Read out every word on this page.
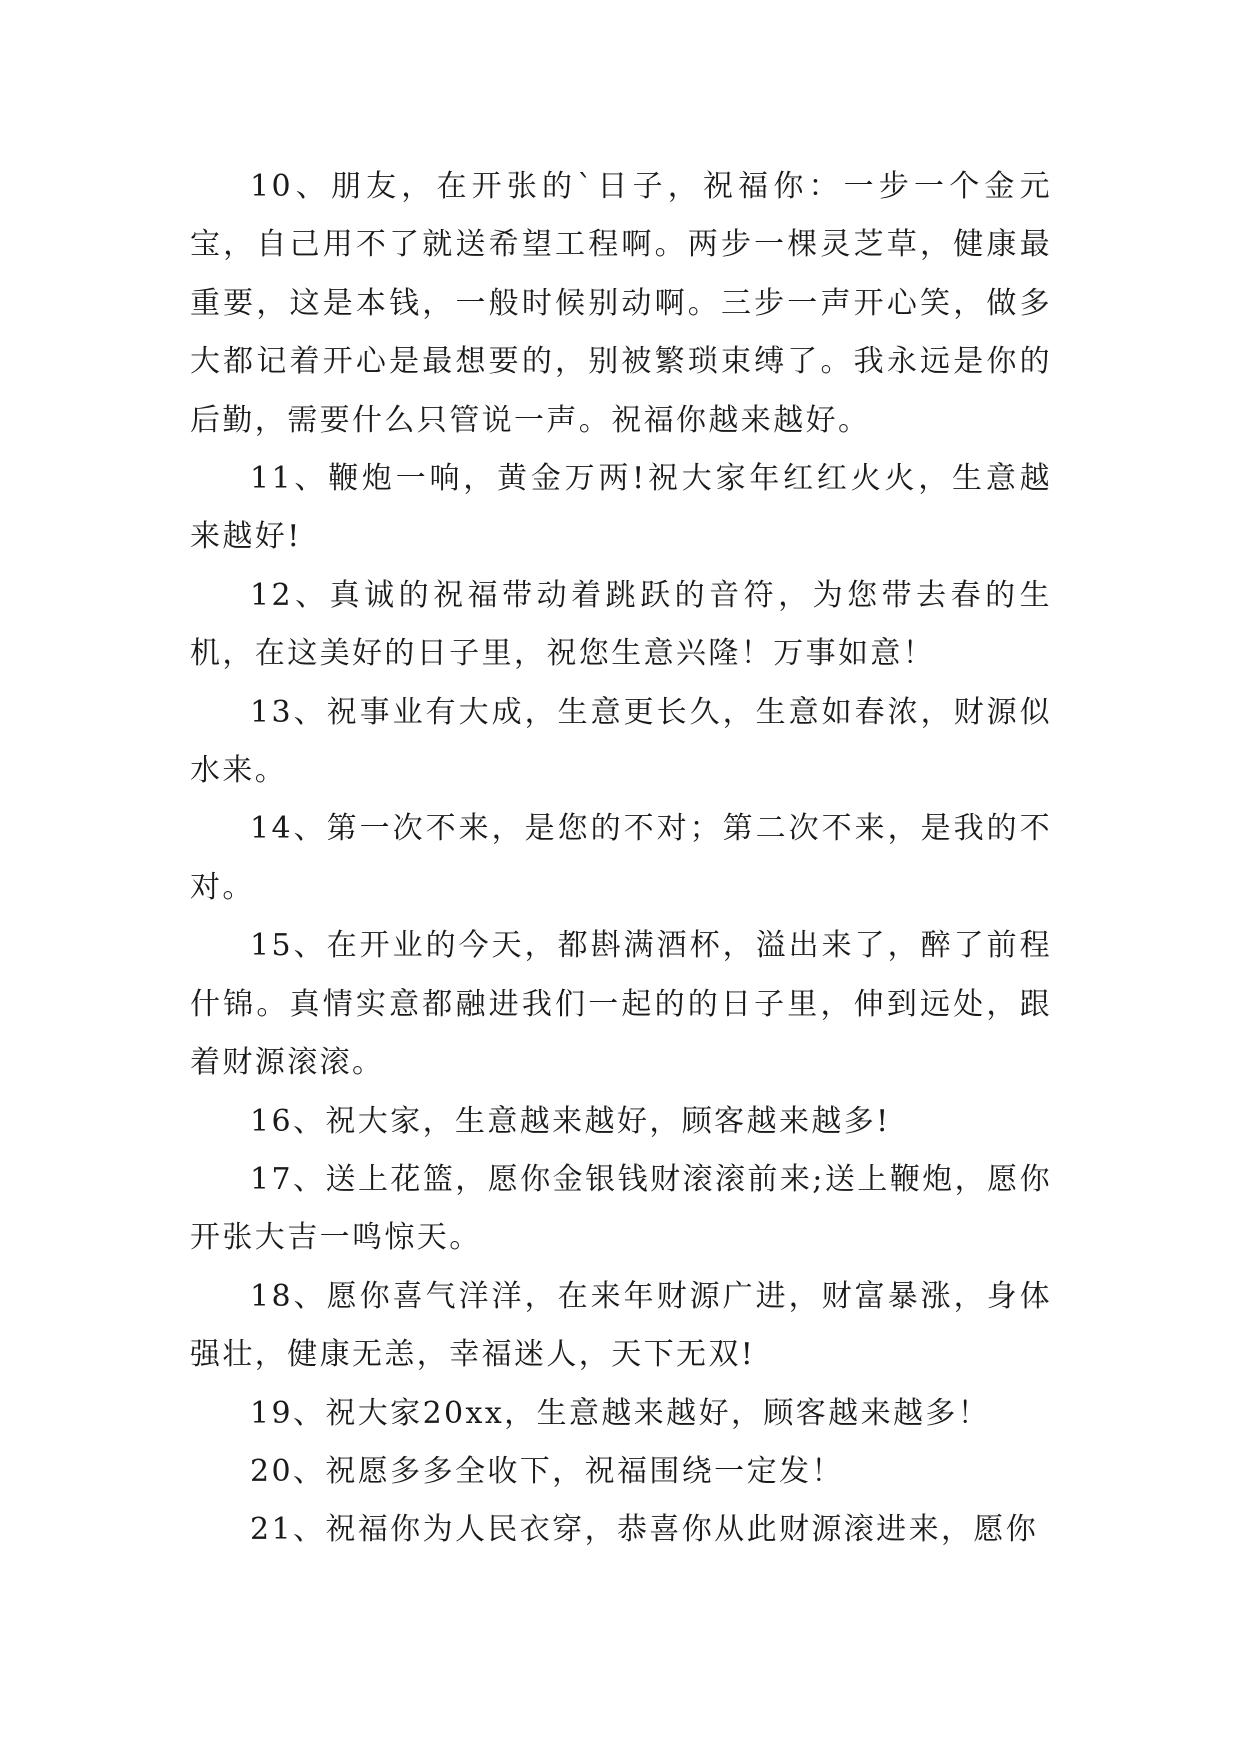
10、朋友，在开张的`日子，祝福你：一步一个金元宝，自己用不了就送希望工程啊。两步一棵灵芝草，健康最重要，这是本钱，一般时候别动啊。三步一声开心笑，做多大都记着开心是最想要的，别被繁琐束缚了。我永远是你的后勤，需要什么只管说一声。祝福你越来越好。

11、鞭炮一响，黄金万两!祝大家年红红火火，生意越来越好!

12、真诚的祝福带动着跳跃的音符，为您带去春的生机，在这美好的日子里，祝您生意兴隆！万事如意！

13、祝事业有大成，生意更长久，生意如春浓，财源似水来。

14、第一次不来，是您的不对；第二次不来，是我的不对。

15、在开业的今天，都斟满酒杯，溢出来了，醉了前程什锦。真情实意都融进我们一起的的日子里，伸到远处，跟着财源滚滚。

16、祝大家，生意越来越好，顾客越来越多!

17、送上花篮，愿你金银钱财滚滚前来;送上鞭炮，愿你开张大吉一鸣惊天。

18、愿你喜气洋洋，在来年财源广进，财富暴涨，身体强壮，健康无恙，幸福迷人，天下无双!

19、祝大家20xx，生意越来越好，顾客越来越多！

20、祝愿多多全收下，祝福围绕一定发！

21、祝福你为人民衣穿，恭喜你从此财源滚进来，愿你
